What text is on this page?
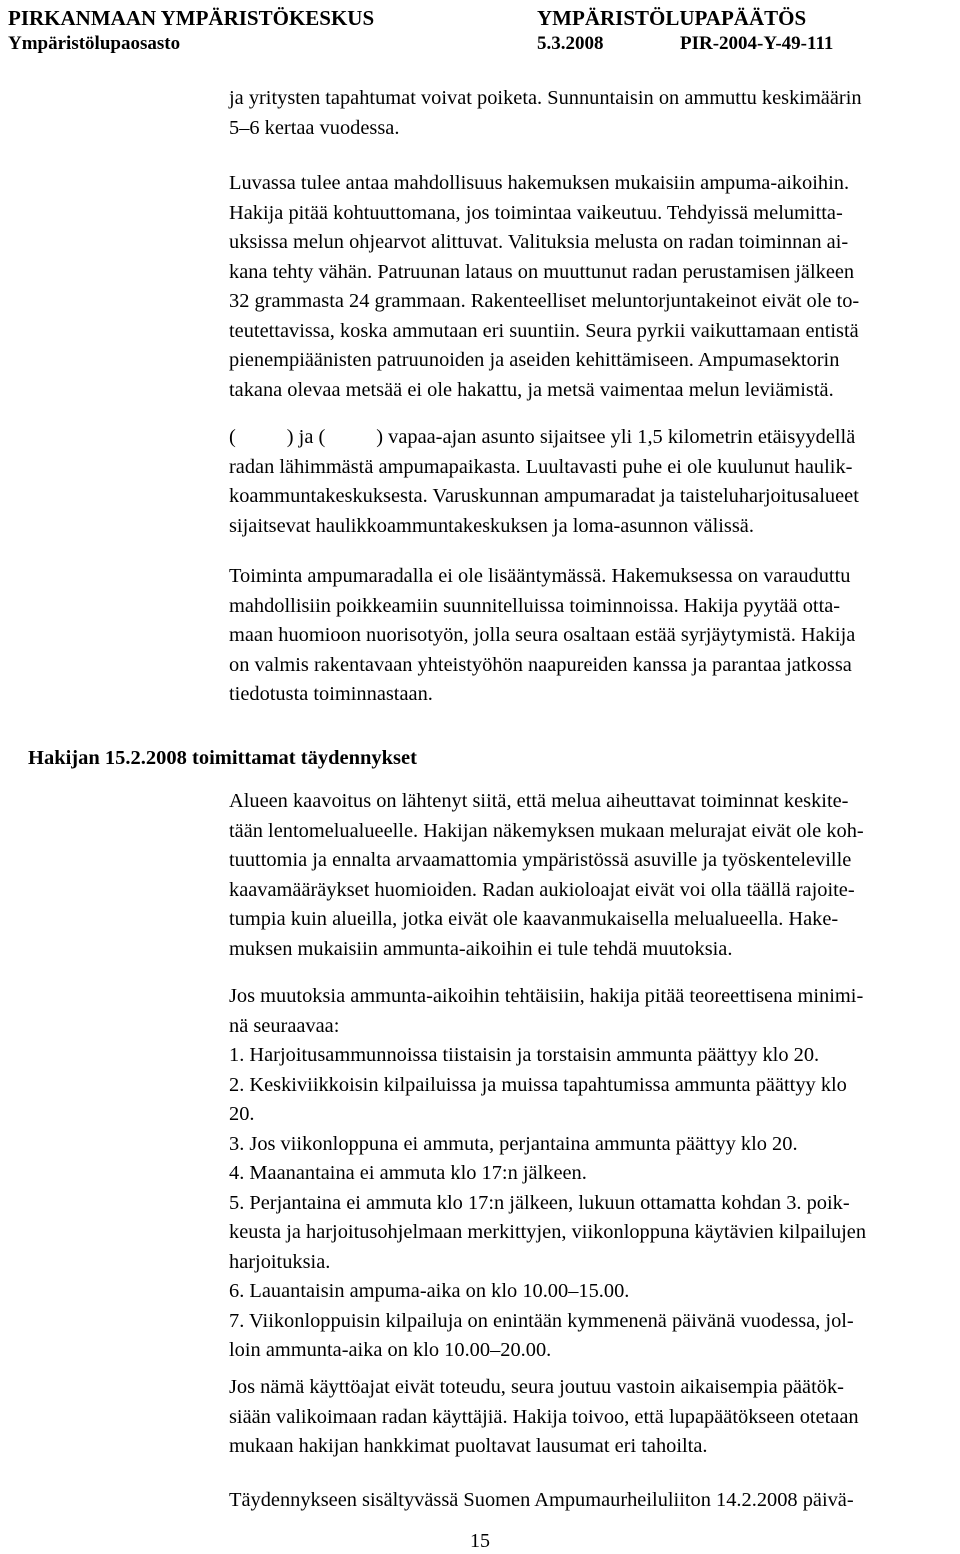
PIRKANMAAN YMPÄRISTÖKESKUS	YMPÄRISTÖLUPAPÄÄTÖS
Ympäristölupaosasto	5.3.2008	PIR-2004-Y-49-111
ja yritysten tapahtumat voivat poiketa. Sunnuntaisin on ammuttu keskimäärin
5–6 kertaa vuodessa.
Luvassa tulee antaa mahdollisuus hakemuksen mukaisiin ampuma-aikoihin.
Hakija pitää kohtuuttomana, jos toimintaa vaikeutuu. Tehdyissä melumitta-
uksissa melun ohjearvot alittuvat. Valituksia melusta on radan toiminnan ai-
kana tehty vähän. Patruunan lataus on muuttunut radan perustamisen jälkeen
32 grammasta 24 grammaan. Rakenteelliset meluntorjuntakeinot eivät ole to-
teutettavissa, koska ammutaan eri suuntiin. Seura pyrkii vaikuttamaan entistä
pienempiäänisten patruunoiden ja aseiden kehittämiseen. Ampumasektorin
takana olevaa metsää ei ole hakattu, ja metsä vaimentaa melun leviämistä.
(          ) ja (          ) vapaa-ajan asunto sijaitsee yli 1,5 kilometrin etäisyydellä
radan lähimmästä ampumapaikasta. Luultavasti puhe ei ole kuulunut haulik-
koammuntakeskuksesta. Varuskunnan ampumaradat ja taisteluharjoitusalueet
sijaitsevat haulikkoammuntakeskuksen ja loma-asunnon välissä.
Toiminta ampumaradalla ei ole lisääntymässä. Hakemuksessa on varauduttu
mahdollisiin poikkeamiin suunnitelluissa toiminnoissa. Hakija pyytää otta-
maan huomioon nuorisotyön, jolla seura osaltaan estää syrjäytymistä. Hakija
on valmis rakentavaan yhteistyöhön naapureiden kanssa ja parantaa jatkossa
tiedotusta toiminnastaan.
Hakijan 15.2.2008 toimittamat täydennykset
Alueen kaavoitus on lähtenyt siitä, että melua aiheuttavat toiminnat keskite-
tään lentomelualueelle. Hakijan näkemyksen mukaan melurajat eivät ole koh-
tuuttomia ja ennalta arvaamattomia ympäristössä asuville ja työskenteleville
kaavamääräykset huomioiden. Radan aukioloajat eivät voi olla täällä rajoite-
tumpia kuin alueilla, jotka eivät ole kaavanmukaisella melualueella. Hake-
muksen mukaisiin ammunta-aikoihin ei tule tehdä muutoksia.
Jos muutoksia ammunta-aikoihin tehtäisiin, hakija pitää teoreettisena minimi-
nä seuraavaa:
1. Harjoitusammunnoissa tiistaisin ja torstaisin ammunta päättyy klo 20.
2. Keskiviikkoisin kilpailuissa ja muissa tapahtumissa ammunta päättyy klo
20.
3. Jos viikonloppuna ei ammuta, perjantaina ammunta päättyy klo 20.
4. Maanantaina ei ammuta klo 17:n jälkeen.
5. Perjantaina ei ammuta klo 17:n jälkeen, lukuun ottamatta kohdan 3. poik-
keusta ja harjoitusohjelmaan merkittyjen, viikonloppuna käytävien kilpailujen
harjoituksia.
6. Lauantaisin ampuma-aika on klo 10.00–15.00.
7. Viikonloppuisin kilpailuja on enintään kymmenenä päivänä vuodessa, jol-
loin ammunta-aika on klo 10.00–20.00.
Jos nämä käyttöajat eivät toteudu, seura joutuu vastoin aikaisempia päätök-
siään valikoimaan radan käyttäjiä. Hakija toivoo, että lupapäätökseen otetaan
mukaan hakijan hankkimat puoltavat lausumat eri tahoilta.
Täydennykseen sisältyvässä Suomen Ampumaurheiluliiton 14.2.2008 päivä-
15
